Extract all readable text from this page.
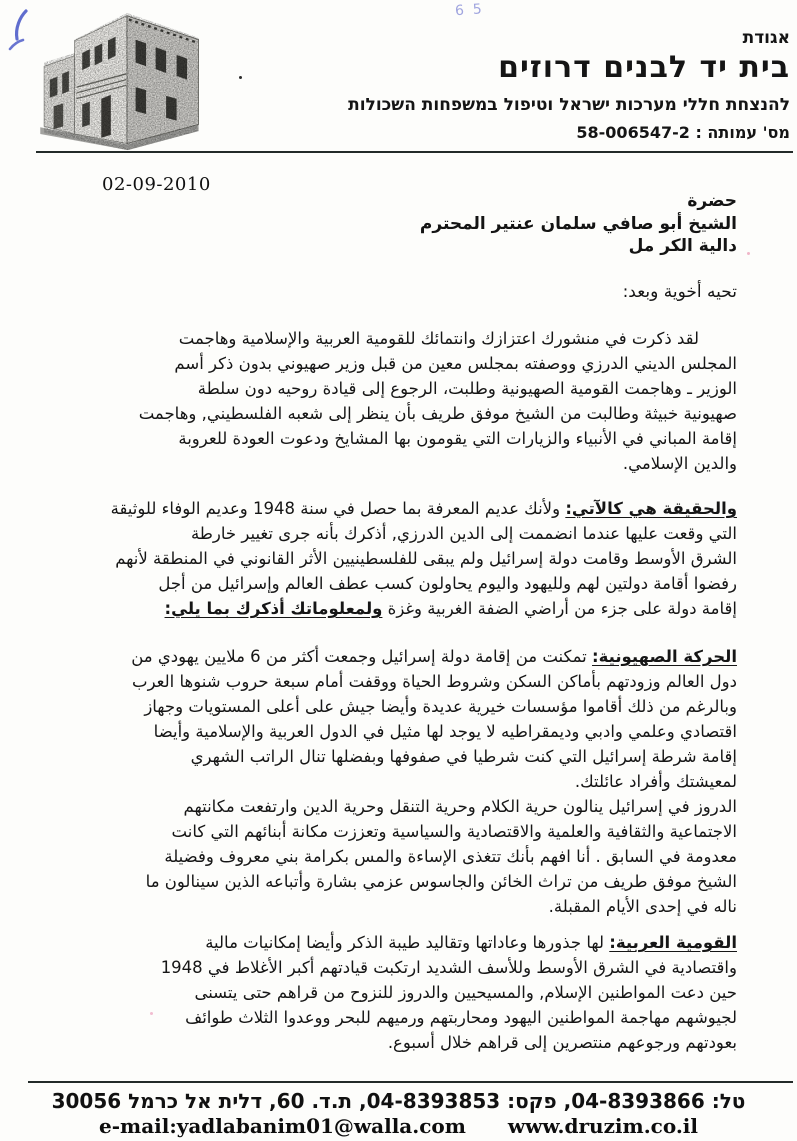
65
אגודת
בית יד לבנים דרוזים
להנצחת חללי מערכות ישראל וטיפול במשפחות השכולות
מס' עמותה : 58-006547-2
02-09-2010
حضرة
الشيخ أبو صافي سلمان عنتير المحترم
دالية الكر مل
تحيه أخوية وبعد:
لقد ذكرت في منشورك اعتزازك وانتمائك للقومية العربية والإسلامية وهاجمت
المجلس الديني الدرزي ووصفته بمجلس معين من قبل وزير صهيوني بدون ذكر أسم
الوزير ـ وهاجمت القومية الصهيونية وطلبت، الرجوع إلى قيادة روحيه دون سلطة
صهيونية خبيثة وطالبت من الشيخ موفق طريف بأن ينظر إلى شعبه الفلسطيني, وهاجمت
إقامة المباني في الأنبياء والزيارات التي يقومون بها المشايخ ودعوت العودة للعروبة
والدين الإسلامي.
والحقيقة هي كالآتي: ولأنك عديم المعرفة بما حصل في سنة 1948 وعديم الوفاء للوثيقة
التي وقعت عليها عندما انضممت إلى الدين الدرزي, أذكرك بأنه جرى تغيير خارطة
الشرق الأوسط وقامت دولة إسرائيل ولم يبقى للفلسطينيين الأثر القانوني في المنطقة لأنهم
رفضوا أقامة دولتين لهم ولليهود واليوم يحاولون كسب عطف العالم وإسرائيل من أجل
إقامة دولة على جزء من أراضي الضفة الغربية وغزة ولمعلوماتك أذكرك بما يلي:
الحركة الصهيونية: تمكنت من إقامة دولة إسرائيل وجمعت أكثر من 6 ملايين يهودي من
دول العالم وزودتهم بأماكن السكن وشروط الحياة ووقفت أمام سبعة حروب شنوها العرب
وبالرغم من ذلك أقاموا مؤسسات خيرية عديدة وأيضا جيش على أعلى المستويات وجهاز
اقتصادي وعلمي وادبي وديمقراطيه لا يوجد لها مثيل في الدول العربية والإسلامية وأيضا
إقامة شرطة إسرائيل التي كنت شرطيا في صفوفها وبفضلها تنال الراتب الشهري
لمعيشتك وأفراد عائلتك.
الدروز في إسرائيل ينالون حرية الكلام وحرية التنقل وحرية الدين وارتفعت مكانتهم
الاجتماعية والثقافية والعلمية والاقتصادية والسياسية وتعززت مكانة أبنائهم التي كانت
معدومة في السابق . أنا افهم بأنك تتغذى الإساءة والمس بكرامة بني معروف وفضيلة
الشيخ موفق طريف من تراث الخائن والجاسوس عزمي بشارة وأتباعه الذين سينالون ما
ناله في إحدى الأيام المقبلة.
القومية العربية: لها جذورها وعاداتها وتقاليد طيبة الذكر وأيضا إمكانيات مالية
واقتصادية في الشرق الأوسط وللأسف الشديد ارتكبت قيادتهم أكبر الأغلاط في 1948
حين دعت المواطنين الإسلام, والمسيحيين والدروز للنزوح من قراهم حتى يتسنى
لجيوشهم مهاجمة المواطنين اليهود ومحاربتهم ورميهم للبحر ووعدوا الثلاث طوائف
بعودتهم ورجوعهم منتصرين إلى قراهم خلال أسبوع.
טל: 04-8393866, פקס: 04-8393853, ת.ד. 60, דלית אל כרמל 30056
e-mail:yadlabanim01@walla.com www.druzim.co.il
